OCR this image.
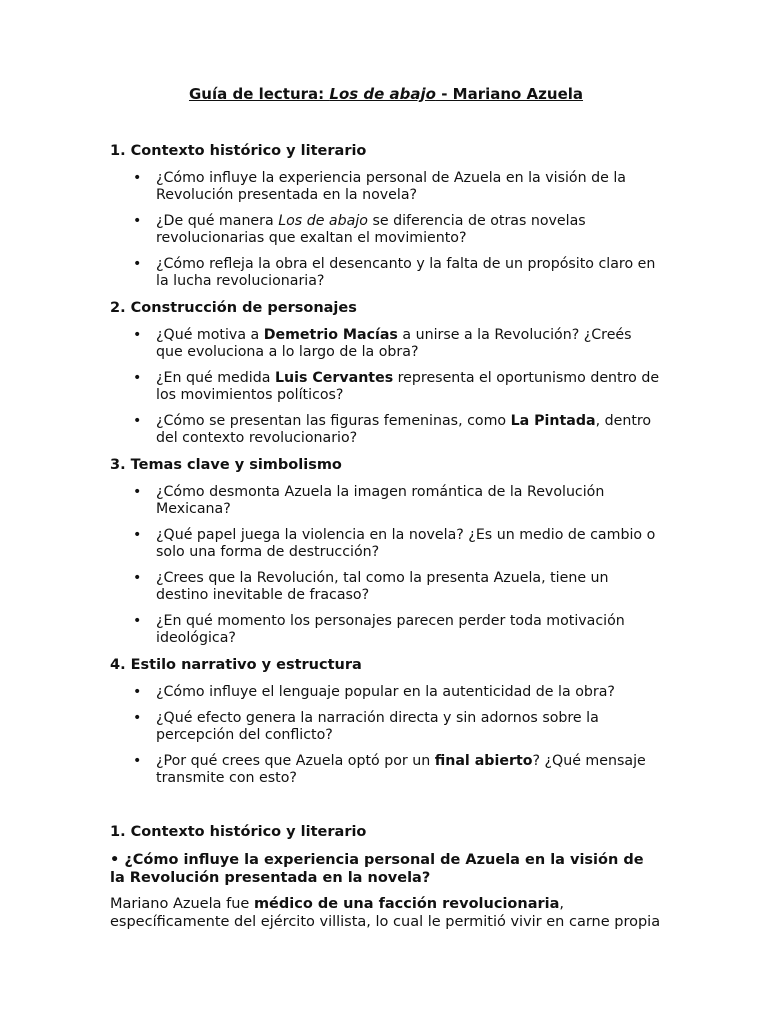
Guía de lectura: Los de abajo - Mariano Azuela
1. Contexto histórico y literario
• ¿Cómo influye la experiencia personal de Azuela en la visión de la Revolución presentada en la novela?
• ¿De qué manera Los de abajo se diferencia de otras novelas revolucionarias que exaltan el movimiento?
• ¿Cómo refleja la obra el desencanto y la falta de un propósito claro en la lucha revolucionaria?
2. Construcción de personajes
• ¿Qué motiva a Demetrio Macías a unirse a la Revolución? ¿Creés que evoluciona a lo largo de la obra?
• ¿En qué medida Luis Cervantes representa el oportunismo dentro de los movimientos políticos?
• ¿Cómo se presentan las figuras femeninas, como La Pintada, dentro del contexto revolucionario?
3. Temas clave y simbolismo
• ¿Cómo desmonta Azuela la imagen romántica de la Revolución Mexicana?
• ¿Qué papel juega la violencia en la novela? ¿Es un medio de cambio o solo una forma de destrucción?
• ¿Crees que la Revolución, tal como la presenta Azuela, tiene un destino inevitable de fracaso?
• ¿En qué momento los personajes parecen perder toda motivación ideológica?
4. Estilo narrativo y estructura
• ¿Cómo influye el lenguaje popular en la autenticidad de la obra?
• ¿Qué efecto genera la narración directa y sin adornos sobre la percepción del conflicto?
• ¿Por qué crees que Azuela optó por un final abierto? ¿Qué mensaje transmite con esto?
1. Contexto histórico y literario
• ¿Cómo influye la experiencia personal de Azuela en la visión de la Revolución presentada en la novela?

Mariano Azuela fue médico de una facción revolucionaria, específicamente del ejército villista, lo cual le permitió vivir en carne propia
